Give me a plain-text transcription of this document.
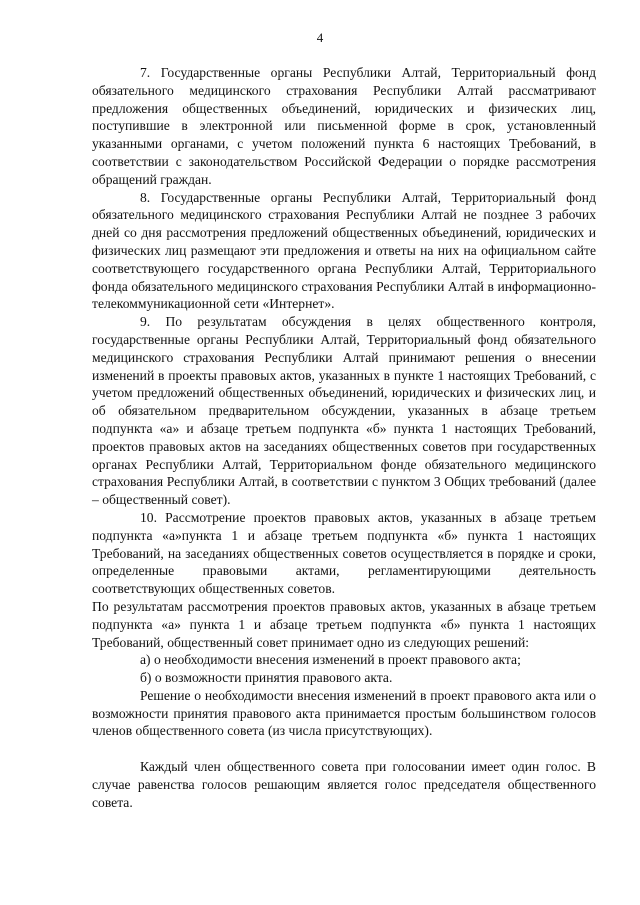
4

7. Государственные органы Республики Алтай, Территориальный фонд обязательного медицинского страхования Республики Алтай рассматривают предложения общественных объединений, юридических и физических лиц, поступившие в электронной или письменной форме в срок, установленный указанными органами, с учетом положений пункта 6 настоящих Требований, в соответствии с законодательством Российской Федерации о порядке рассмотрения обращений граждан.

8. Государственные органы Республики Алтай, Территориальный фонд обязательного медицинского страхования Республики Алтай не позднее 3 рабочих дней со дня рассмотрения предложений общественных объединений, юридических и физических лиц размещают эти предложения и ответы на них на официальном сайте соответствующего государственного органа Республики Алтай, Территориального фонда обязательного медицинского страхования Республики Алтай в информационно-телекоммуникационной сети «Интернет».

9. По результатам обсуждения в целях общественного контроля, государственные органы Республики Алтай, Территориальный фонд обязательного медицинского страхования Республики Алтай принимают решения о внесении изменений в проекты правовых актов, указанных в пункте 1 настоящих Требований, с учетом предложений общественных объединений, юридических и физических лиц, и об обязательном предварительном обсуждении, указанных в абзаце третьем подпункта «а» и абзаце третьем подпункта «б» пункта 1 настоящих Требований, проектов правовых актов на заседаниях общественных советов при государственных органах Республики Алтай, Территориальном фонде обязательного медицинского страхования Республики Алтай, в соответствии с пунктом 3 Общих требований (далее – общественный совет).

10. Рассмотрение проектов правовых актов, указанных в абзаце третьем подпункта «а»пункта 1 и абзаце третьем подпункта «б» пункта 1 настоящих Требований, на заседаниях общественных советов осуществляется в порядке и сроки, определенные правовыми актами, регламентирующими деятельность соответствующих общественных советов.

По результатам рассмотрения проектов правовых актов, указанных в абзаце третьем подпункта «а» пункта 1 и абзаце третьем подпункта «б» пункта 1 настоящих Требований, общественный совет принимает одно из следующих решений:

а) о необходимости внесения изменений в проект правового акта;

б) о возможности принятия правового акта.

Решение о необходимости внесения изменений в проект правового акта или о возможности принятия правового акта принимается простым большинством голосов членов общественного совета (из числа присутствующих).

Каждый член общественного совета при голосовании имеет один голос. В случае равенства голосов решающим является голос председателя общественного совета.
